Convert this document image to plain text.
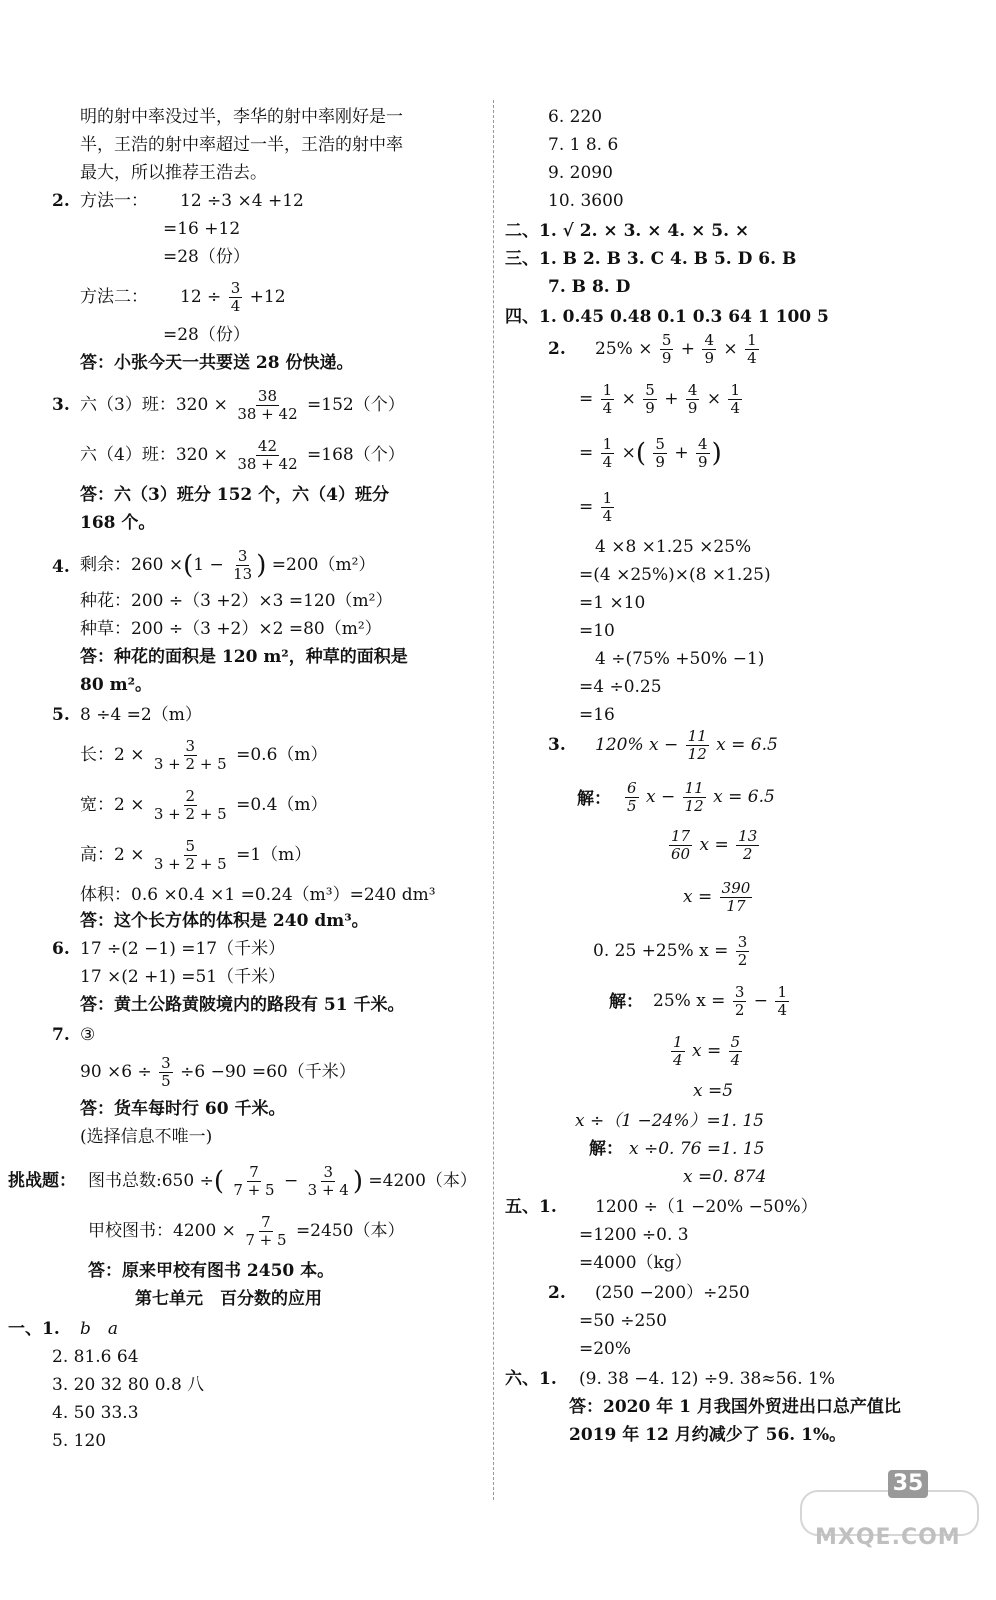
明的射中率没过半，李华的射中率刚好是一
半，王浩的射中率超过一半，王浩的射中率
最大，所以推荐王浩去。
2. 方法一： 12 ÷3 ×4 +12
=16 +12
=28（份）
方法二： $12 \div \frac{3}{4} +12$
=28（份）
答：小张今天一共要送 28 份快递。
3. 六（3）班：$320 \times \frac{38}{38 + 42} =152$（个）
六（4）班：$320 \times \frac{42}{38 + 42} =168$（个）
答：六（3）班分 152 个，六（4）班分
168 个。
4. 剩余：$260 \times(1 - \frac{3}{13}$ ) =200（m²）
种花：200 ÷（3 +2）×3 =120（m²）
种草：200 ÷（3 +2）×2 =80（m²）
答：种花的面积是 120 m²，种草的面积是
80 m²。
5. 8 ÷4 =2（m）
长：$2 \times \frac{3}{3 + 2 + 5} =0.6(m)$
宽：$2 \times \frac{2}{3 + 2 + 5} =0.4(m)$
高：$2 \times \frac{5}{3 + 2 + 5} =1(m)$
体积：0.6 ×0.4 ×1 =0.24（m³）=240 dm³
答：这个长方体的体积是 240 dm³。
6. 17 ÷(2 −1) =17（千米）
17 ×(2 +1) =51（千米）
答：黄土公路黄陂境内的路段有 51 千米。
7. ③
$90 \times 6 \div \frac{3}{5} \div 6 -90 =60$（千米）
答：货车每时行 60 千米。
(选择信息不唯一)
挑战题： 图书总数:650 ÷( $\frac{7}{7 + 5} - \frac{3}{3 + 4}$ ) =4200（本）
甲校图书：$4200 \times \frac{7}{7 + 5} =2450$（本）
答：原来甲校有图书 2450 本。
第七单元　百分数的应用
一、1. b　a
2. 81.6 64
3. 20 32 80 0.8 八
4. 50 33.3
5. 120
6. 220
7. 1 8. 6
9. 2090
10. 3600
二、1. √ 2. × 3. × 4. × 5. ×
三、1. B 2. B 3. C 4. B 5. D 6. B
7. B 8. D
四、1. 0.45 0.48 0.1 0.3 64 1 100 5
2. $25\% \times \frac{5}{9} + \frac{4}{9} \times \frac{1}{4}$
= $\frac{1}{4} \times \frac{5}{9} + \frac{4}{9} \times \frac{1}{4}$
= $\frac{1}{4}$ ×( $\frac{5}{9} + \frac{4}{9}$ )
= $\frac{1}{4}$
4 ×8 ×1.25 ×25%
=(4 ×25%)×(8 ×1.25)
=1 ×10
=10
4 ÷(75% +50% −1)
=4 ÷0.25
=16
3. 120% $x - \frac{11}{12}$ x = 6.5
解： $\frac{6}{5}$ $x - \frac{11}{12}$ x = 6.5
$\frac{17}{60}$ $x = \frac{13}{2}$
$x = \frac{390}{17}$
0. 25 +25% $x = \frac{3}{2}$
解： 25% $x = \frac{3}{2} - \frac{1}{4}$
$\frac{1}{4}$ $x = \frac{5}{4}$
x =5
x ÷（1 −24%）=1. 15
解： x ÷0. 76 =1. 15
x =0. 874
五、1. 1200 ÷（1 −20% −50%）
=1200 ÷0. 3
=4000（kg）
2. (250 −200）÷250
=50 ÷250
=20%
六、1. (9. 38 −4. 12) ÷9. 38≈56. 1%
答：2020 年 1 月我国外贸进出口总产值比
2019 年 12 月约减少了 56. 1%。
35
MXQE.COM
